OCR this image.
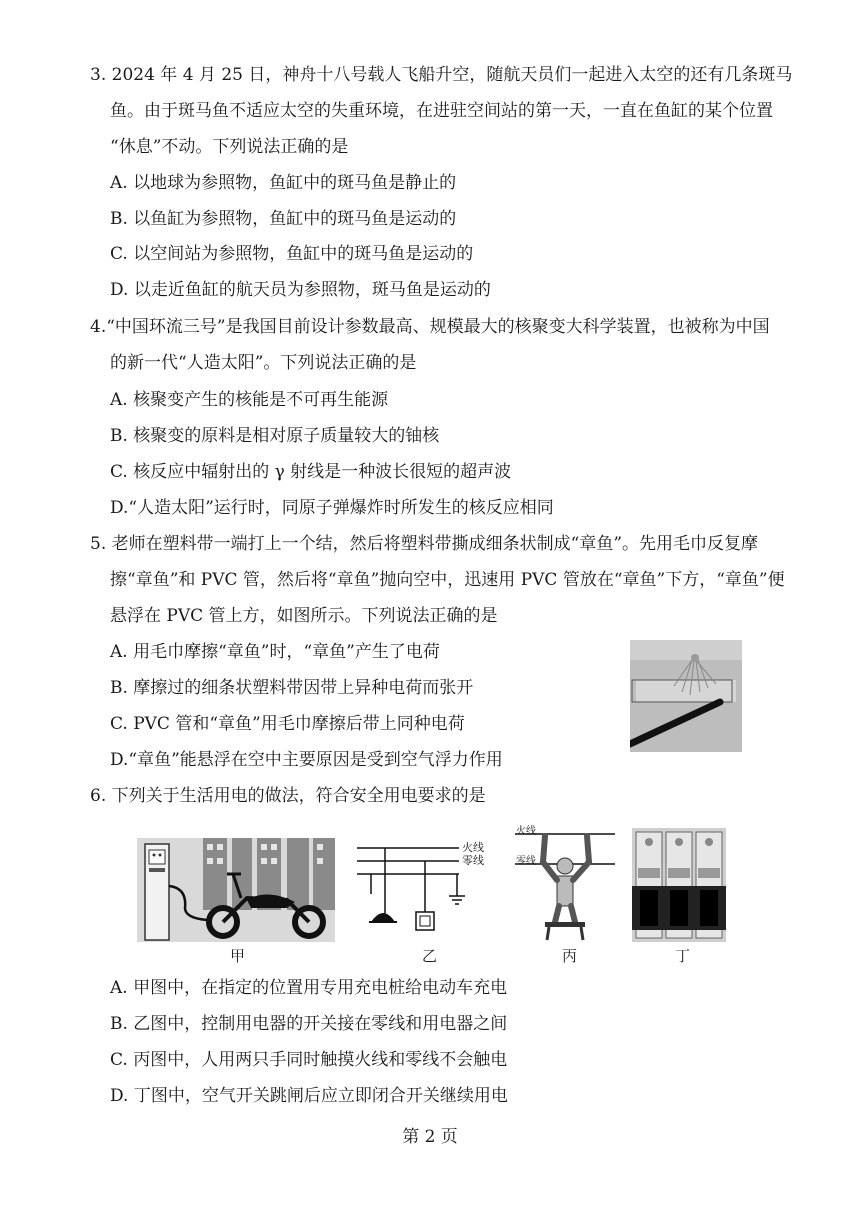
3. 2024 年 4 月 25 日，神舟十八号载人飞船升空，随航天员们一起进入太空的还有几条斑马
鱼。由于斑马鱼不适应太空的失重环境，在进驻空间站的第一天，一直在鱼缸的某个位置
“休息”不动。下列说法正确的是
A. 以地球为参照物，鱼缸中的斑马鱼是静止的
B. 以鱼缸为参照物，鱼缸中的斑马鱼是运动的
C. 以空间站为参照物，鱼缸中的斑马鱼是运动的
D. 以走近鱼缸的航天员为参照物，斑马鱼是运动的
4.“中国环流三号”是我国目前设计参数最高、规模最大的核聚变大科学装置，也被称为中国
的新一代“人造太阳”。下列说法正确的是
A. 核聚变产生的核能是不可再生能源
B. 核聚变的原料是相对原子质量较大的铀核
C. 核反应中辐射出的 γ 射线是一种波长很短的超声波
D.“人造太阳”运行时，同原子弹爆炸时所发生的核反应相同
5. 老师在塑料带一端打上一个结，然后将塑料带撕成细条状制成“章鱼”。先用毛巾反复摩
擦“章鱼”和 PVC 管，然后将“章鱼”抛向空中，迅速用 PVC 管放在“章鱼”下方，“章鱼”便
悬浮在 PVC 管上方，如图所示。下列说法正确的是
A. 用毛巾摩擦“章鱼”时，“章鱼”产生了电荷
B. 摩擦过的细条状塑料带因带上异种电荷而张开
C. PVC 管和“章鱼”用毛巾摩擦后带上同种电荷
D.“章鱼”能悬浮在空中主要原因是受到空气浮力作用
6. 下列关于生活用电的做法，符合安全用电要求的是
火线
零线
火线
零线
甲	乙	丙	丁
A. 甲图中，在指定的位置用专用充电桩给电动车充电
B. 乙图中，控制用电器的开关接在零线和用电器之间
C. 丙图中，人用两只手同时触摸火线和零线不会触电
D. 丁图中，空气开关跳闸后应立即闭合开关继续用电
第 2 页
